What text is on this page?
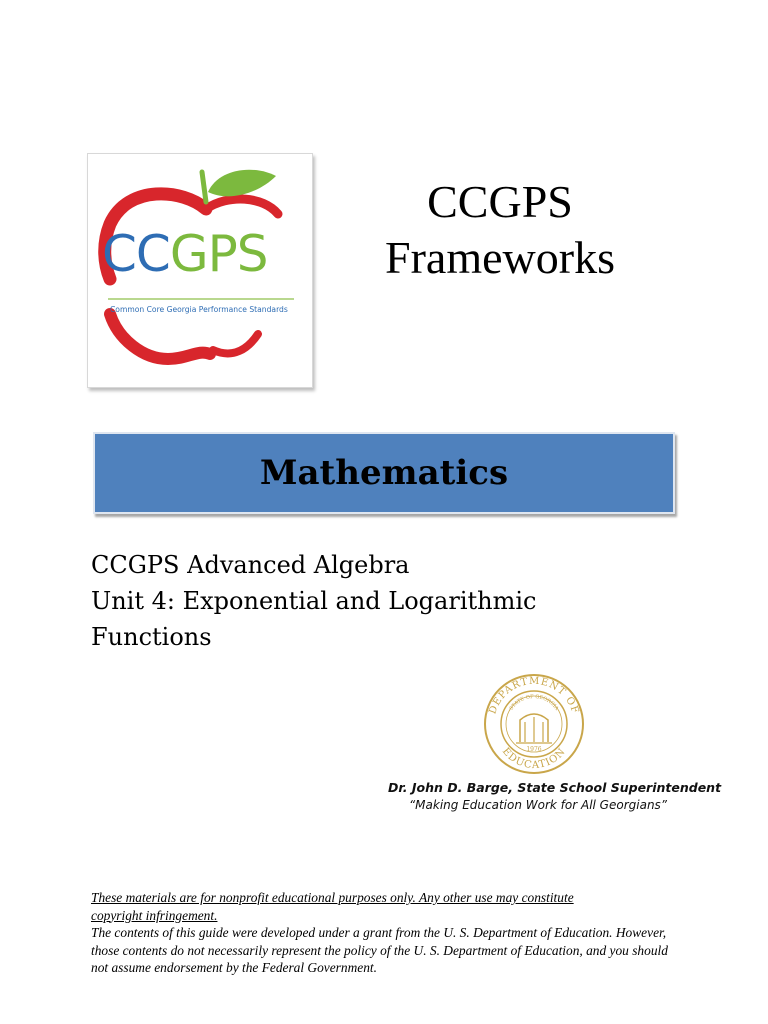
CCGPS
Common Core Georgia Performance Standards
CCGPS
Frameworks
Mathematics
CCGPS Advanced Algebra
Unit 4: Exponential and Logarithmic
Functions
DEPARTMENT OF
EDUCATION
STATE OF GEORGIA
1976
Dr. John D. Barge, State School Superintendent
“Making Education Work for All Georgians”
These materials are for nonprofit educational purposes only. Any other use may constitute
copyright infringement.
The contents of this guide were developed under a grant from the U. S. Department of Education. However, those contents do not necessarily represent the policy of the U. S. Department of Education, and you should not assume endorsement by the Federal Government.
